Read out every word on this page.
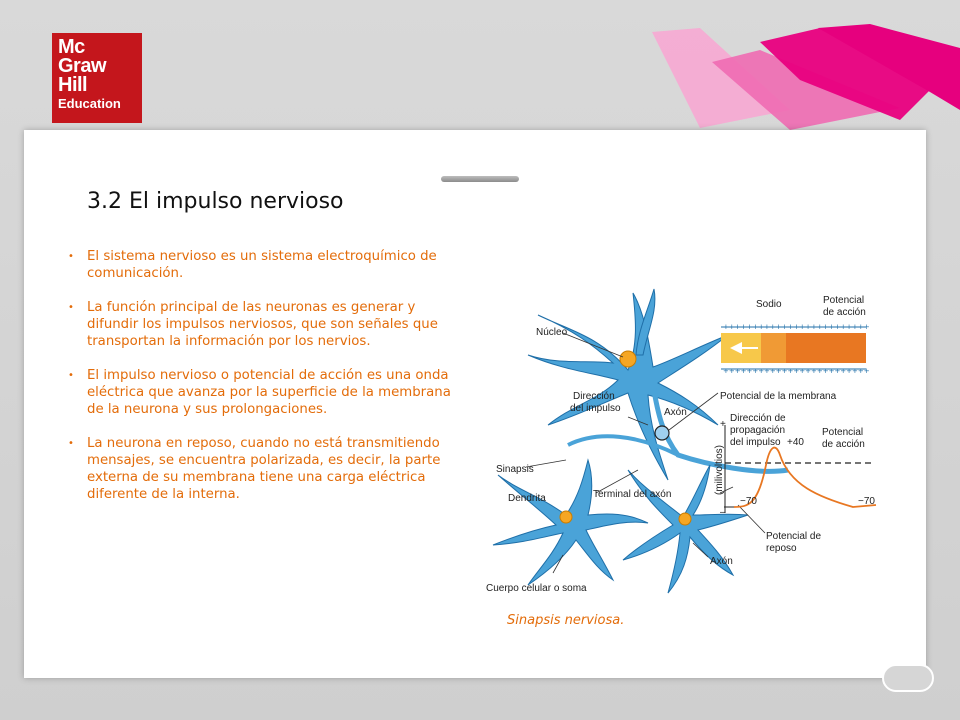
Mc
Graw
Hill
Education
3.2 El impulso nervioso
• El sistema nervioso es un sistema electroquímico de comunicación.
• La función principal de las neuronas es generar y difundir los impulsos nerviosos, que son señales que transportan la información por los nervios.
• El impulso nervioso o potencial de acción es una onda eléctrica que avanza por la superficie de la membrana de la neurona y sus prolongaciones.
• La neurona en reposo, cuando no está transmitiendo mensajes, se encuentra polarizada, es decir, la parte externa de su membrana tiene una carga eléctrica diferente de la interna.
+++++++++++++++++++++++++
+++++++++++++++++++++++++
Núcleo
Dirección
del impulso	Axón
Sinapsis
Dendrita	Terminal del axón
Axón
Cuerpo celular o soma
Sodio	Potencial
de acción
Potencial de la membrana
Dirección de
propagación
del impulso +40
Potencial
de acción
+
–
(milivoltios)
−70	−70
Potencial de
reposo
Sinapsis nerviosa.
